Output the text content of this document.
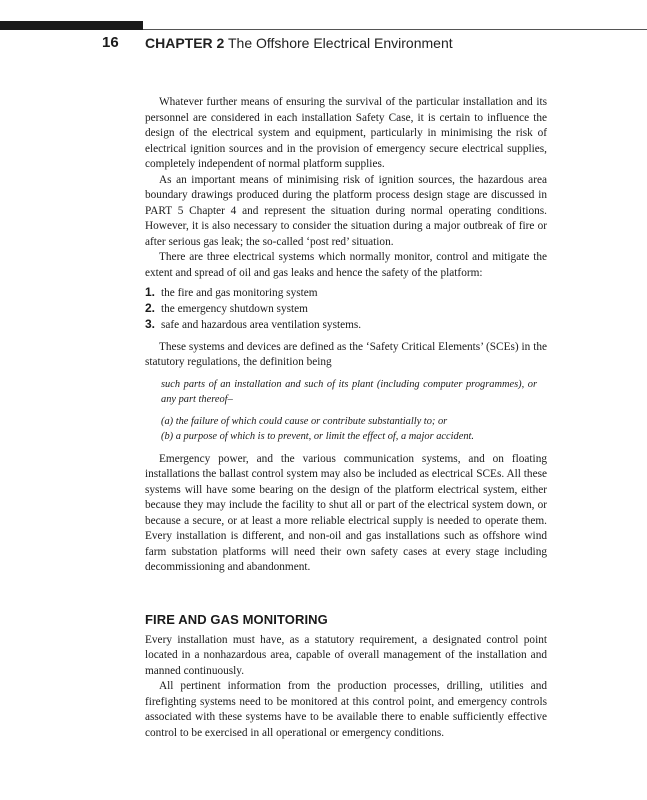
16 CHAPTER 2 The Offshore Electrical Environment

Whatever further means of ensuring the survival of the particular installation and its personnel are considered in each installation Safety Case, it is certain to influence the design of the electrical system and equipment, particularly in minimising the risk of electrical ignition sources and in the provision of emergency secure electrical supplies, completely independent of normal platform supplies.

As an important means of minimising risk of ignition sources, the hazardous area boundary drawings produced during the platform process design stage are discussed in PART 5 Chapter 4 and represent the situation during normal operating conditions. However, it is also necessary to consider the situation during a major outbreak of fire or after serious gas leak; the so-called ‘post red’ situation.

There are three electrical systems which normally monitor, control and mitigate the extent and spread of oil and gas leaks and hence the safety of the platform:

1. the fire and gas monitoring system
2. the emergency shutdown system
3. safe and hazardous area ventilation systems.

These systems and devices are defined as the ‘Safety Critical Elements’ (SCEs) in the statutory regulations, the definition being

such parts of an installation and such of its plant (including computer programmes), or any part thereof–

(a) the failure of which could cause or contribute substantially to; or

(b) a purpose of which is to prevent, or limit the effect of, a major accident.

Emergency power, and the various communication systems, and on floating installations the ballast control system may also be included as electrical SCEs. All these systems will have some bearing on the design of the platform electrical system, either because they may include the facility to shut all or part of the electrical system down, or because a secure, or at least a more reliable electrical supply is needed to operate them. Every installation is different, and non-oil and gas installations such as offshore wind farm substation platforms will need their own safety cases at every stage including decommissioning and abandonment.

FIRE AND GAS MONITORING

Every installation must have, as a statutory requirement, a designated control point located in a nonhazardous area, capable of overall management of the installation and manned continuously.

All pertinent information from the production processes, drilling, utilities and firefighting systems need to be monitored at this control point, and emergency controls associated with these systems have to be available there to enable sufficiently effective control to be exercised in all operational or emergency conditions.
